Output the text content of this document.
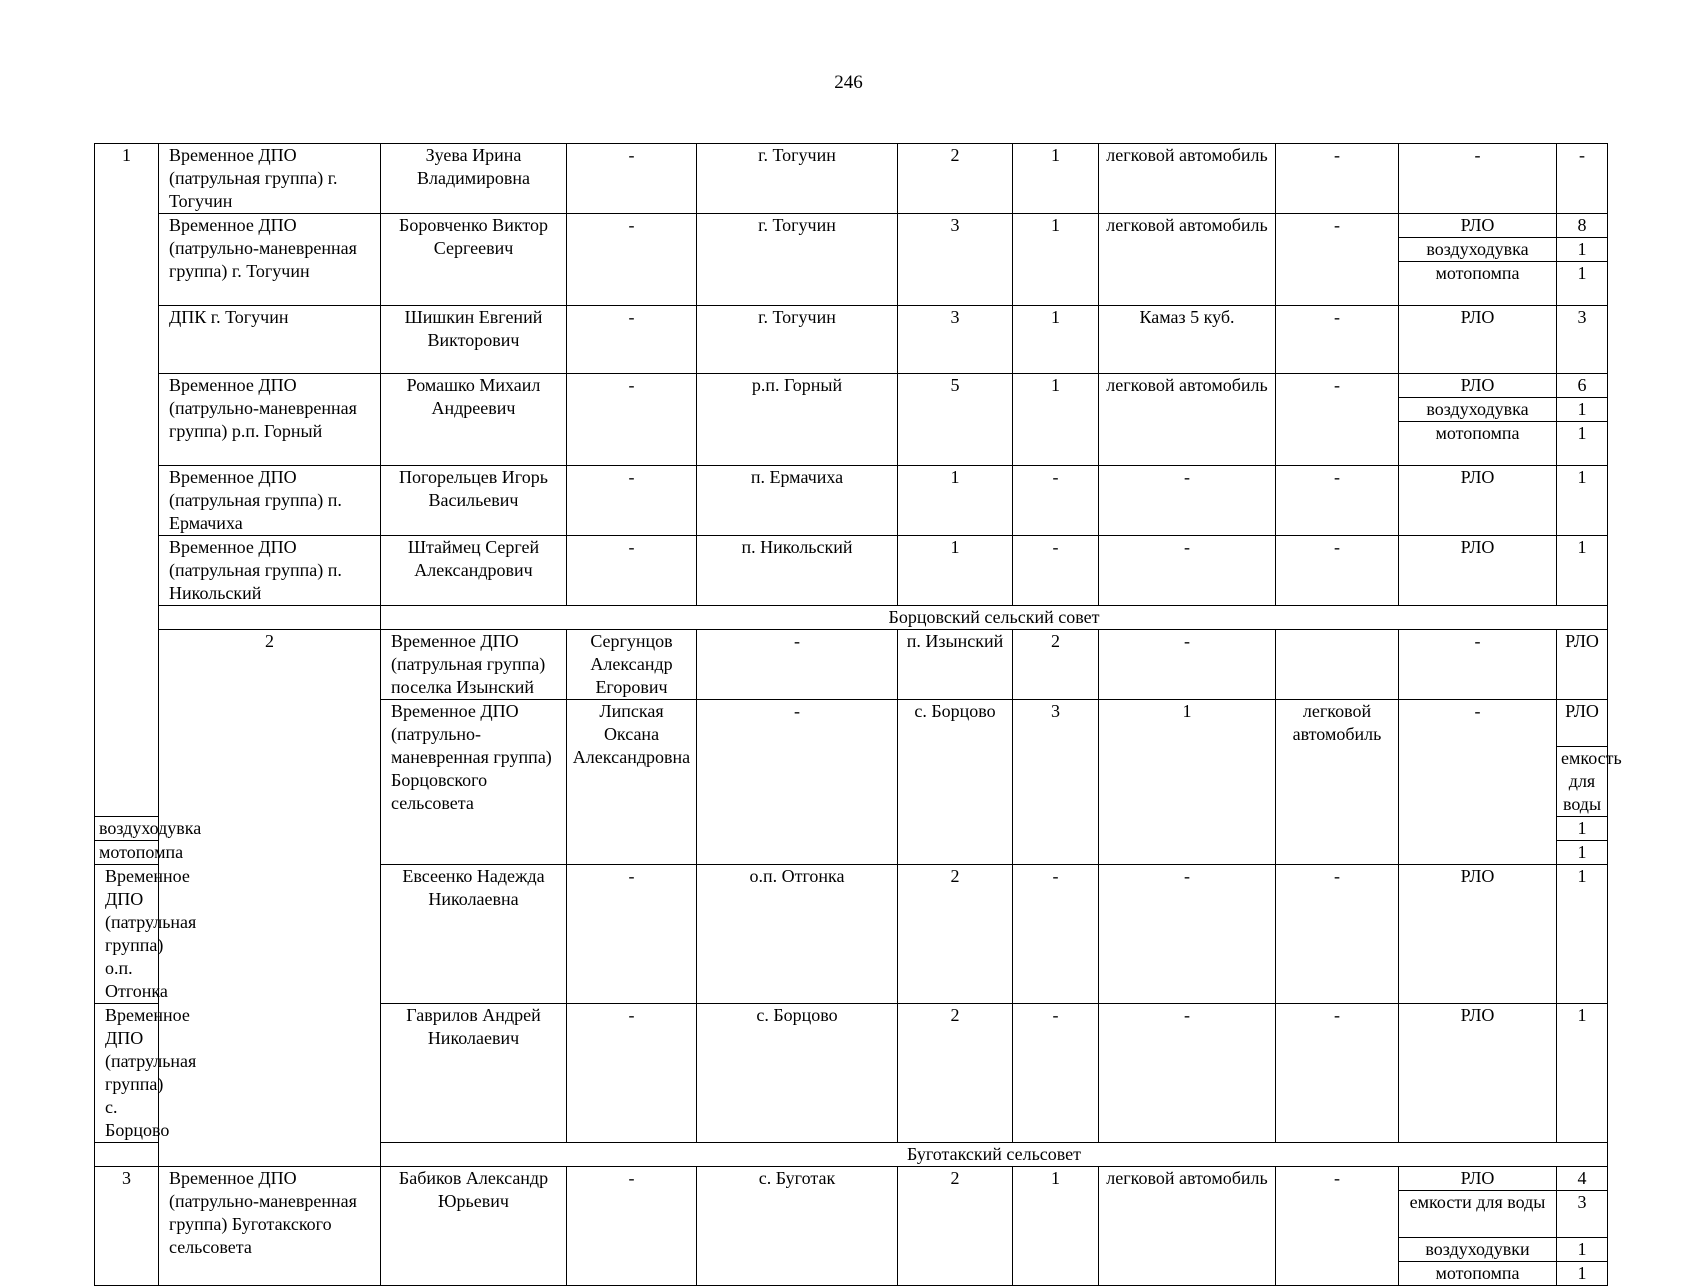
246
1	Временное ДПО (патрульная группа) г. Тогучин	Зуева Ирина Владимировна	-	г. Тогучин	2	1	легковой автомобиль	-	-	-	
	Временное ДПО (патрульно-маневренная группа) г. Тогучин	Боровченко Виктор Сергеевич	-	г. Тогучин	3	1	легковой автомобиль	-	РЛО	8	
									воздуходувка	1	
									мотопомпа	1	
	ДПК г. Тогучин	Шишкин Евгений Викторович	-	г. Тогучин	3	1	Камаз 5 куб.	-	РЛО	3	
	Временное ДПО (патрульно-маневренная группа) р.п. Горный	Ромашко Михаил Андреевич	-	р.п. Горный	5	1	легковой автомобиль	-	РЛО	6	
									воздуходувка	1	
									мотопомпа	1	
	Временное ДПО (патрульная группа) п. Ермачиха	Погорельцев Игорь Васильевич	-	п. Ермачиха	1	-	-	-	РЛО	1	
	Временное ДПО (патрульная группа) п. Никольский	Штаймец Сергей Александрович	-	п. Никольский	1	-	-	-	РЛО	1	
		Борцовский сельский совет									
	2	Временное ДПО (патрульная группа) поселка Изынский	Сергунцов Александр Егорович	-	п. Изынский	2	-		-	РЛО	
		Временное ДПО (патрульно-маневренная группа) Борцовского сельсовета	Липская Оксана Александровна	-	с. Борцово	3	1	легковой автомобиль	-	РЛО	
										емкость для воды	
воздуходувка										1	
мотопомпа										1	
Временное ДПО (патрульная группа) о.п. Отгонка		Евсеенко Надежда Николаевна	-	о.п. Отгонка	2	-	-	-	РЛО	1	
Временное ДПО (патрульная группа) с. Борцово		Гаврилов Андрей Николаевич	-	с. Борцово	2	-	-	-	РЛО	1	
		Буготакский сельсовет									
3	Временное ДПО (патрульно-маневренная группа) Буготакского сельсовета	Бабиков Александр Юрьевич	-	с. Буготак	2	1	легковой автомобиль	-	РЛО	4	
									емкости для воды	3	
									воздуходувки	1	
									мотопомпа	1	
